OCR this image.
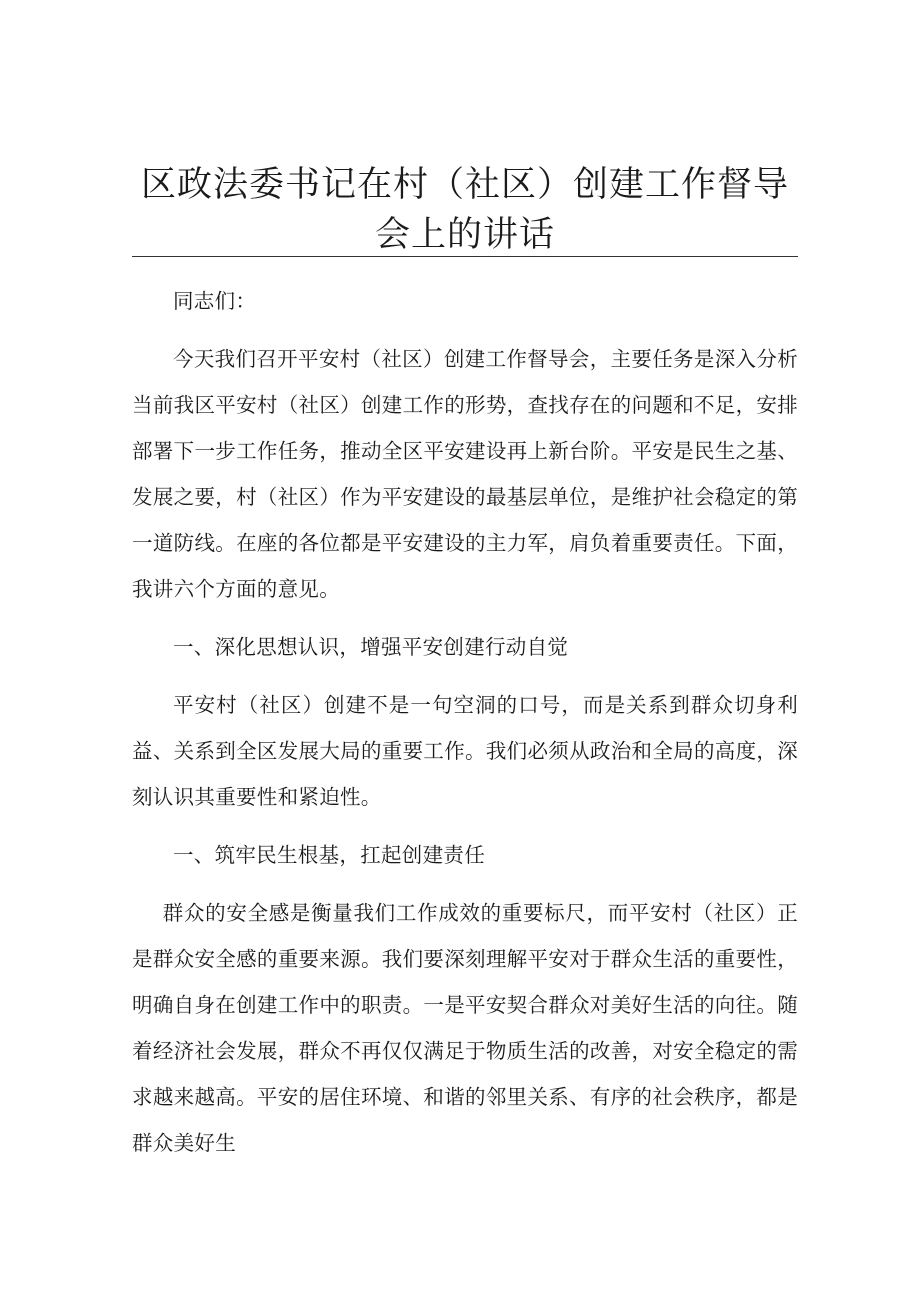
区政法委书记在村（社区）创建工作督导会上的讲话

同志们：

今天我们召开平安村（社区）创建工作督导会，主要任务是深入分析当前我区平安村（社区）创建工作的形势，查找存在的问题和不足，安排部署下一步工作任务，推动全区平安建设再上新台阶。平安是民生之基、发展之要，村（社区）作为平安建设的最基层单位，是维护社会稳定的第一道防线。在座的各位都是平安建设的主力军，肩负着重要责任。下面，我讲六个方面的意见。

一、深化思想认识，增强平安创建行动自觉

平安村（社区）创建不是一句空洞的口号，而是关系到群众切身利益、关系到全区发展大局的重要工作。我们必须从政治和全局的高度，深刻认识其重要性和紧迫性。

一、筑牢民生根基，扛起创建责任

群众的安全感是衡量我们工作成效的重要标尺，而平安村（社区）正是群众安全感的重要来源。我们要深刻理解平安对于群众生活的重要性，明确自身在创建工作中的职责。一是平安契合群众对美好生活的向往。随着经济社会发展，群众不再仅仅满足于物质生活的改善，对安全稳定的需求越来越高。平安的居住环境、和谐的邻里关系、有序的社会秩序，都是群众美好生
